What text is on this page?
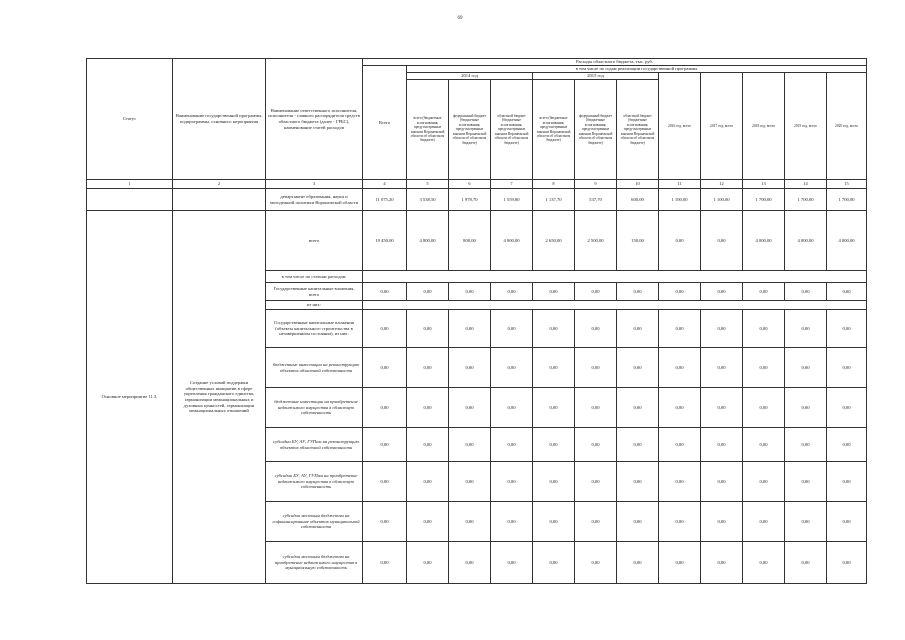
69
Статус	Наименование государственной программы, подпрограммы, основного мероприятия	Наименование ответственного исполнителя, исполнителя - главного распорядителя средств областного бюджета (далее - ГРБС), наименование статей расходов	Расходы областного бюджета, тыс. руб.											
			Всего	в том числе по годам реализации государственной программы										
				2014 год			2015 год			2016 год, всего	2017 год, всего	2018 год, всего	2019 год, всего	2020 год, всего
				всего (бюджетные ассигнования, предусмотренные законом Воронежской области об областном бюджете)	федеральный бюджет (бюджетные ассигнования, предусмотренные законом Воронежской области об областном бюджете)	областной бюджет (бюджетные ассигнования, предусмотренные законом Воронежской области об областном бюджете)	всего (бюджетные ассигнования, предусмотренные законом Воронежской области об областном бюджете)	федеральный бюджет (бюджетные ассигнования, предусмотренные законом Воронежской области об областном бюджете)	областной бюджет (бюджетные ассигнования, предусмотренные законом Воронежской области об областном бюджете)					
1	2	3	4	5	6	7	8	9	10	11	12	13	14	15
		департамент образования, науки и молодежной политики Воронежской области	11 075,20	3 538,50	1 978,70	1 559,80	1 137,70	537,70	600,00	1 100,00	1 100,00	1 700,00	1 700,00	1 700,00
Основное мероприятие 11.3.	Создание условий поддержки общественных инициатив в сфере укрепления гражданского единства, гармонизации межнациональных и духовных ценностей, гармонизации межнациональных отношений	всего	19 450,00	4 800,00	800,00	4 000,00	2 650,00	2 500,00	150,00	0,00	0,00	4 000,00	4 000,00	4 000,00
		в том числе по статьям расходов:												
		Государственные капитальные вложения, всего	0,00	0,00	0,00	0,00	0,00	0,00	0,00	0,00	0,00	0,00	0,00	0,00
		из них:												
		Государственные капитальные вложения (объекты капитального строительства в незавершенном состоянии), из них:	0,00	0,00	0,00	0,00	0,00	0,00	0,00	0,00	0,00	0,00	0,00	0,00
		бюджетные инвестиции на реконструкцию объектов областной собственности	0,00	0,00	0,00	0,00	0,00	0,00	0,00	0,00	0,00	0,00	0,00	0,00
		бюджетные инвестиции на приобретение недвижимого имущества в областную собственность	0,00	0,00	0,00	0,00	0,00	0,00	0,00	0,00	0,00	0,00	0,00	0,00
		субсидии БУ, АУ, ГУПам на реконструкцию объектов областной собственности	0,00	0,00	0,00	0,00	0,00	0,00	0,00	0,00	0,00	0,00	0,00	0,00
		субсидии БУ, АУ, ГУПам на приобретение недвижимого имущества в областную собственность	0,00	0,00	0,00	0,00	0,00	0,00	0,00	0,00	0,00	0,00	0,00	0,00
		субсидии местным бюджетам на софинансирование объектов муниципальной собственности	0,00	0,00	0,00	0,00	0,00	0,00	0,00	0,00	0,00	0,00	0,00	0,00
		субсидии местным бюджетам на приобретение недвижимого имущества в муниципальную собственность	0,00	0,00	0,00	0,00	0,00	0,00	0,00	0,00	0,00	0,00	0,00	0,00
